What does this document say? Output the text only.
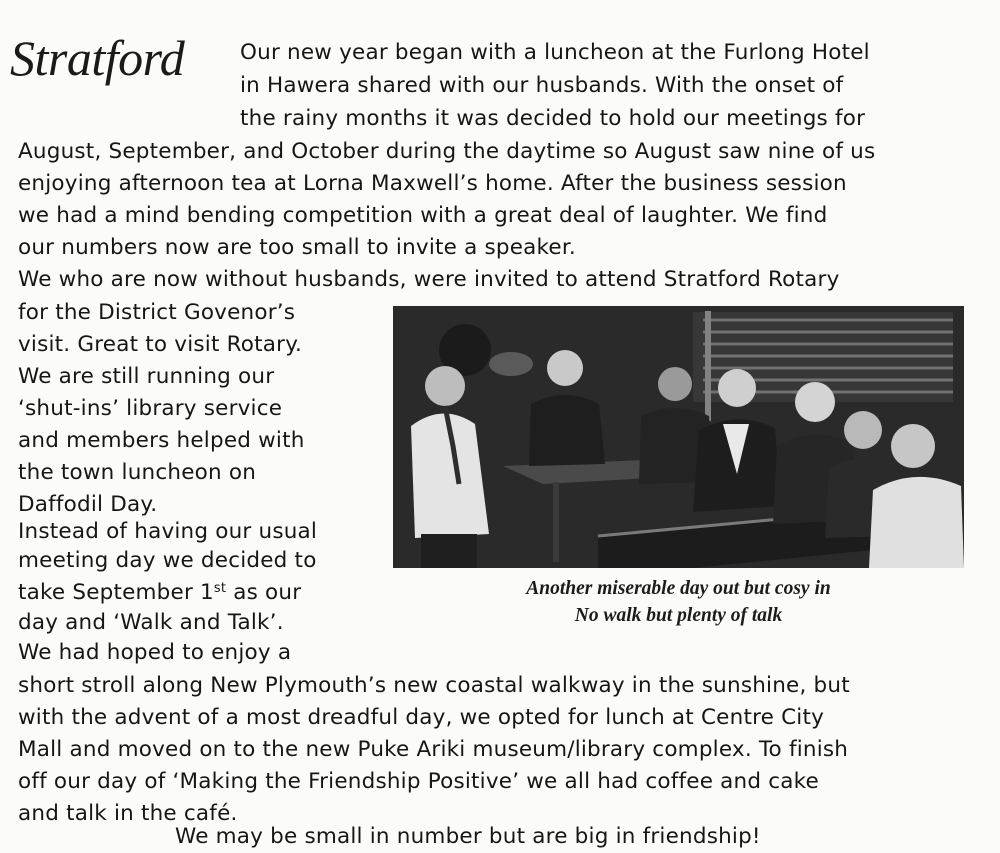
Stratford	Our new year began with a luncheon at the Furlong Hotel
in Hawera shared with our husbands. With the onset of
the rainy months it was decided to hold our meetings for
August, September, and October during the daytime so August saw nine of us
enjoying afternoon tea at Lorna Maxwell’s home. After the business session
we had a mind bending competition with a great deal of laughter. We find
our numbers now are too small to invite a speaker.
We who are now without husbands, were invited to attend Stratford Rotary
for the District Govenor’s
visit. Great to visit Rotary.
We are still running our
‘shut-ins’ library service
and members helped with
the town luncheon on
Daffodil Day.
Instead of having our usual
meeting day we decided to
take September 1st as our
day and ‘Walk and Talk’.
We had hoped to enjoy a
short stroll along New Plymouth’s new coastal walkway in the sunshine, but
with the advent of a most dreadful day, we opted for lunch at Centre City
Mall and moved on to the new Puke Ariki museum/library complex. To finish
off our day of ‘Making the Friendship Positive’ we all had coffee and cake
and talk in the café.
We may be small in number but are big in friendship!
Another miserable day out but cosy in
No walk but plenty of talk
